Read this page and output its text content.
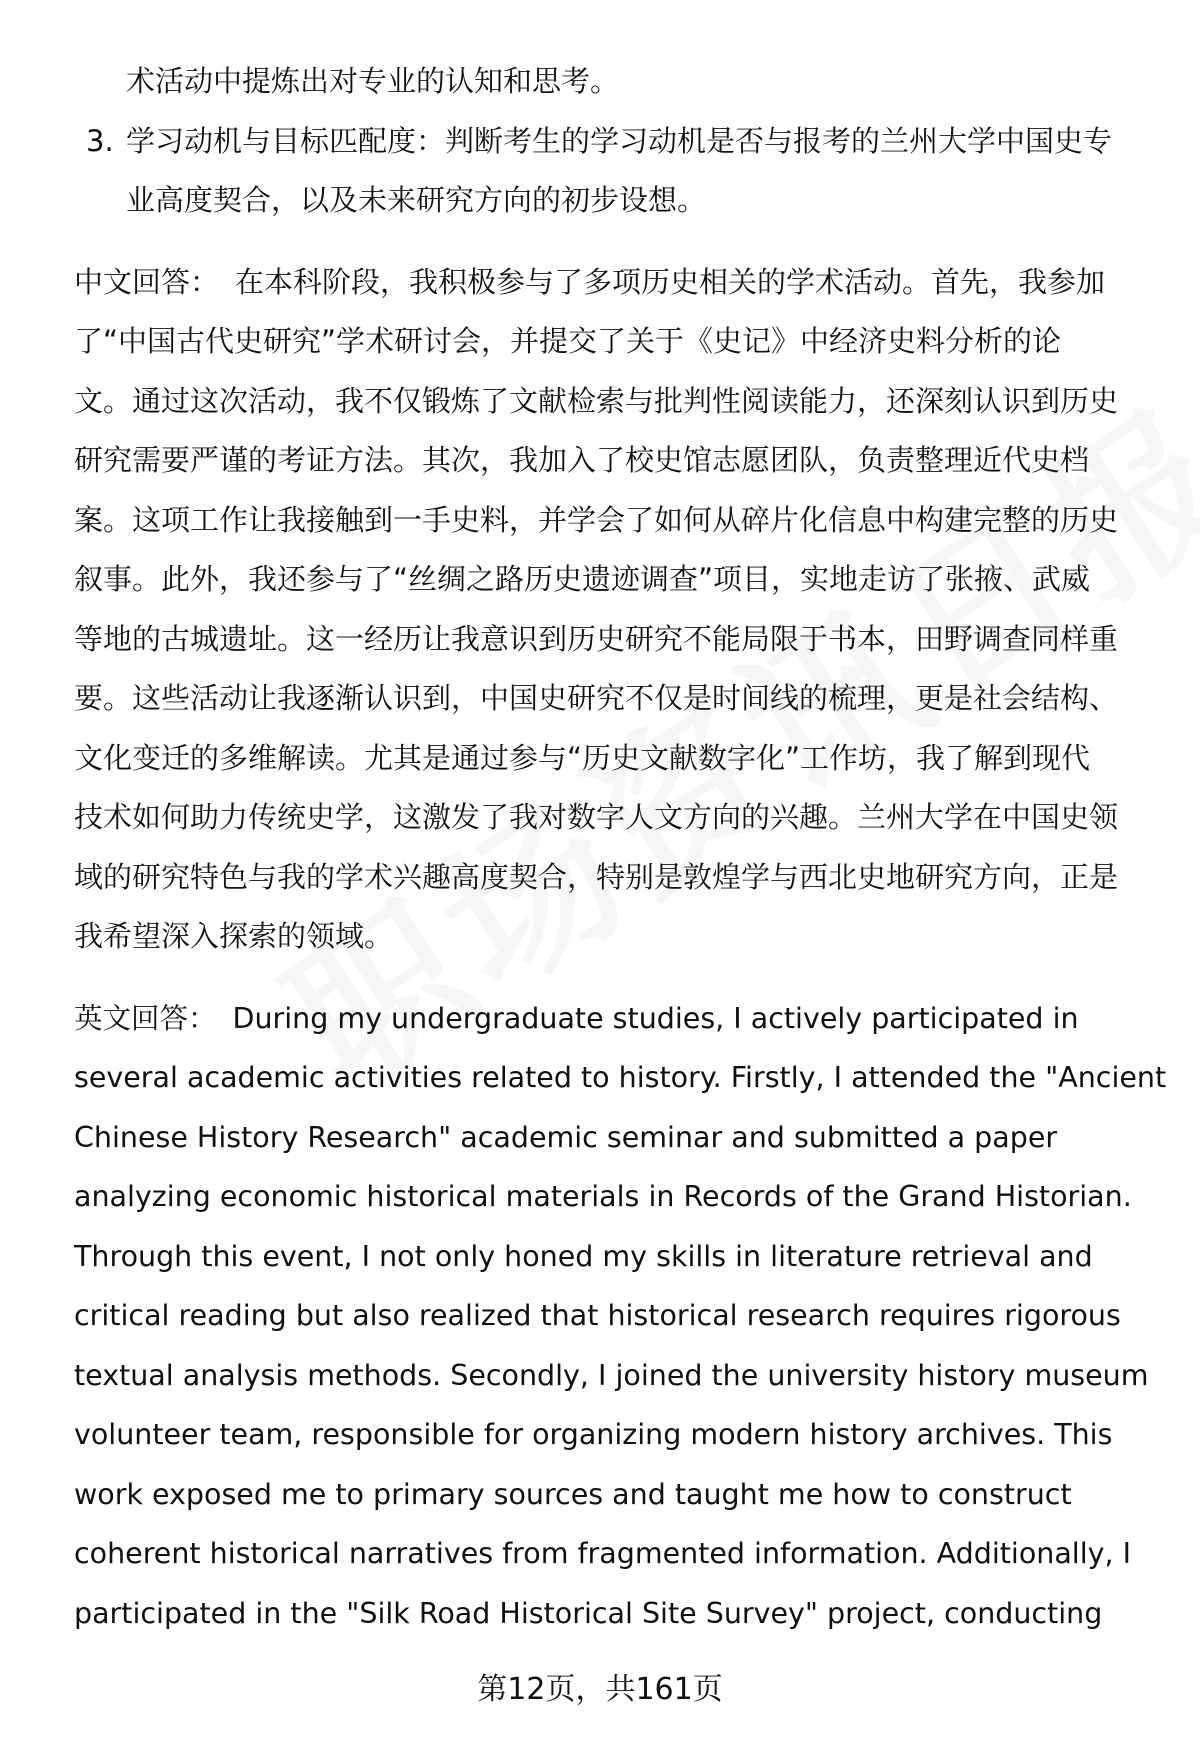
术活动中提炼出对专业的认知和思考。
3. 学习动机与目标匹配度：判断考生的学习动机是否与报考的兰州大学中国史专
业高度契合，以及未来研究方向的初步设想。
中文回答： 在本科阶段，我积极参与了多项历史相关的学术活动。首先，我参加
了“中国古代史研究”学术研讨会，并提交了关于《史记》中经济史料分析的论
文。通过这次活动，我不仅锻炼了文献检索与批判性阅读能力，还深刻认识到历史
研究需要严谨的考证方法。其次，我加入了校史馆志愿团队，负责整理近代史档
案。这项工作让我接触到一手史料，并学会了如何从碎片化信息中构建完整的历史
叙事。此外，我还参与了“丝绸之路历史遗迹调查”项目，实地走访了张掖、武威
等地的古城遗址。这一经历让我意识到历史研究不能局限于书本，田野调查同样重
要。这些活动让我逐渐认识到，中国史研究不仅是时间线的梳理，更是社会结构、
文化变迁的多维解读。尤其是通过参与“历史文献数字化”工作坊，我了解到现代
技术如何助力传统史学，这激发了我对数字人文方向的兴趣。兰州大学在中国史领
域的研究特色与我的学术兴趣高度契合，特别是敦煌学与西北史地研究方向，正是
我希望深入探索的领域。
英文回答： During my undergraduate studies, I actively participated in
several academic activities related to history. Firstly, I attended the "Ancient
Chinese History Research" academic seminar and submitted a paper
analyzing economic historical materials in Records of the Grand Historian.
Through this event, I not only honed my skills in literature retrieval and
critical reading but also realized that historical research requires rigorous
textual analysis methods. Secondly, I joined the university history museum
volunteer team, responsible for organizing modern history archives. This
work exposed me to primary sources and taught me how to construct
coherent historical narratives from fragmented information. Additionally, I
participated in the "Silk Road Historical Site Survey" project, conducting
第12页，共161页
